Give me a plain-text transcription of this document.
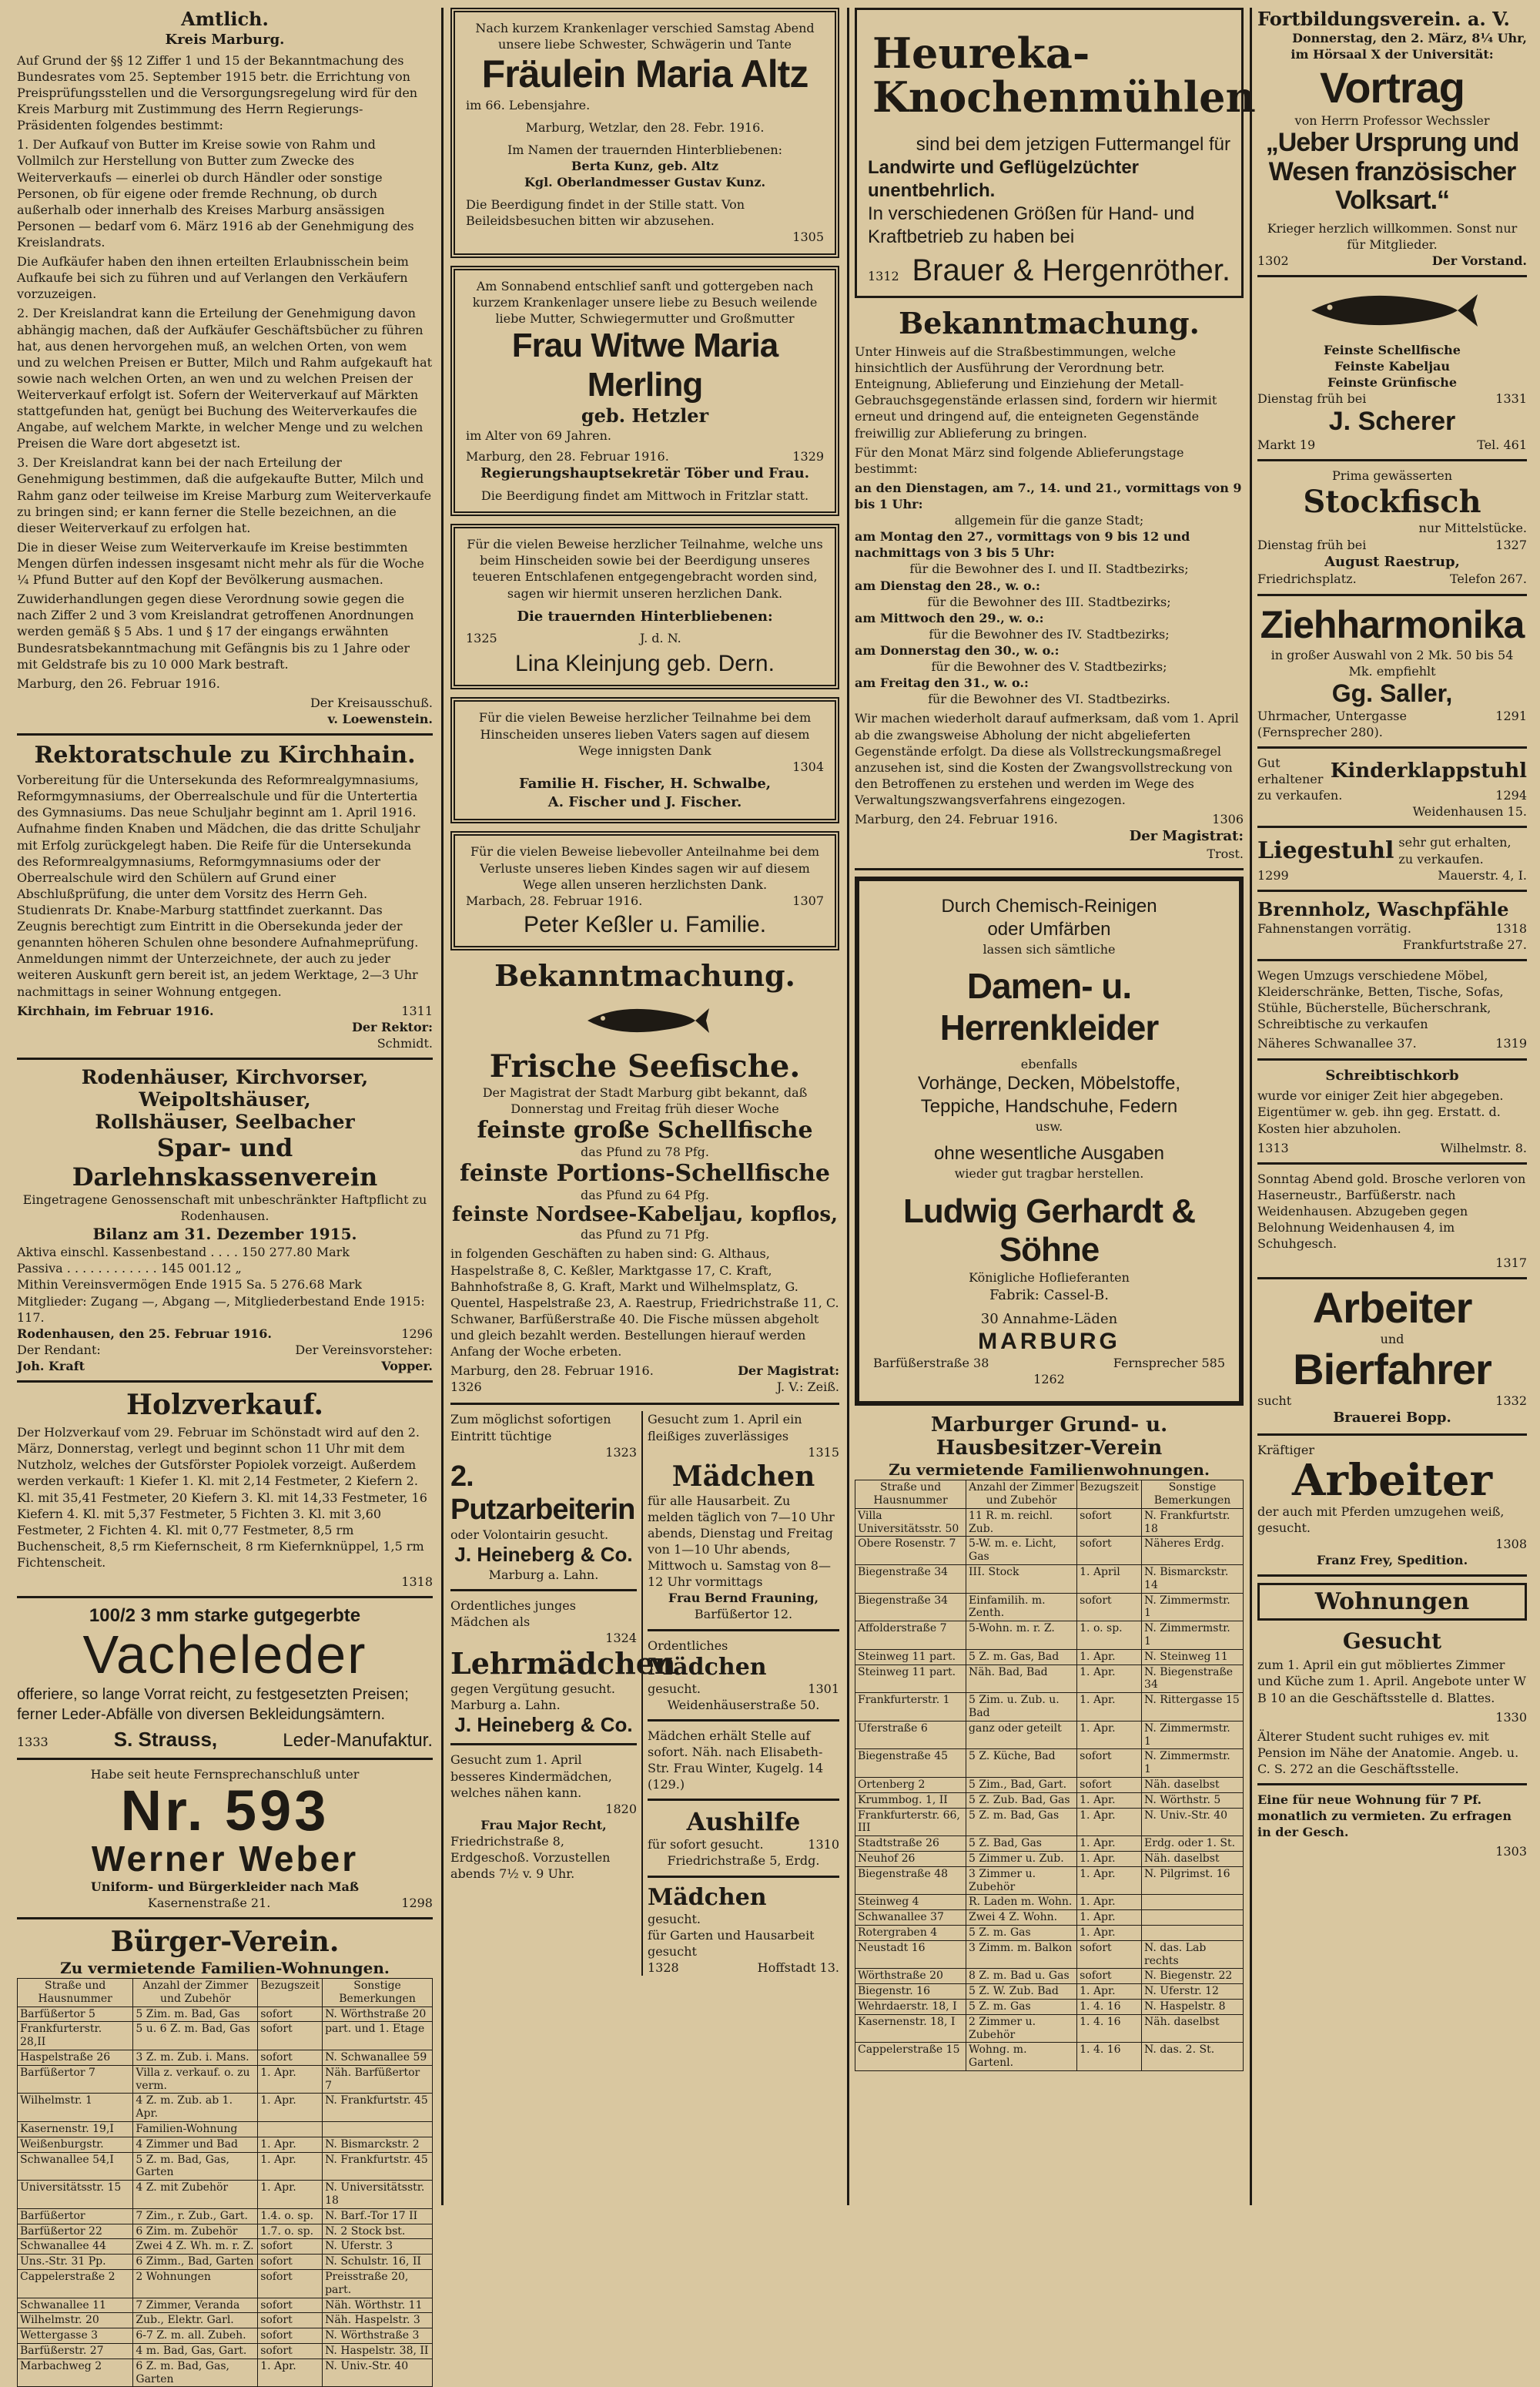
Amtlich.
Kreis Marburg.

Auf Grund der §§ 12 Ziffer 1 und 15 der Bekanntmachung des Bundesrates vom 25. September 1915 betr. die Errichtung von Preisprüfungsstellen und die Versorgungsregelung wird für den Kreis Marburg mit Zustimmung des Herrn Regierungs-Präsidenten folgendes bestimmt:

1. Der Aufkauf von Butter im Kreise sowie von Rahm und Vollmilch zur Herstellung von Butter zum Zwecke des Weiterverkaufs — einerlei ob durch Händler oder sonstige Personen, ob für eigene oder fremde Rechnung, ob durch außerhalb oder innerhalb des Kreises Marburg ansässigen Personen — bedarf vom 6. März 1916 ab der Genehmigung des Kreislandrats.

Die Aufkäufer haben den ihnen erteilten Erlaubnisschein beim Aufkaufe bei sich zu führen und auf Verlangen den Verkäufern vorzuzeigen.

2. Der Kreislandrat kann die Erteilung der Genehmigung davon abhängig machen, daß der Aufkäufer Geschäftsbücher zu führen hat, aus denen hervorgehen muß, an welchen Orten, von wem und zu welchen Preisen er Butter, Milch und Rahm aufgekauft hat sowie nach welchen Orten, an wen und zu welchen Preisen der Weiterverkauf erfolgt ist. Sofern der Weiterverkauf auf Märkten stattgefunden hat, genügt bei Buchung des Weiterverkaufes die Angabe, auf welchem Markte, in welcher Menge und zu welchen Preisen die Ware dort abgesetzt ist.

3. Der Kreislandrat kann bei der nach Erteilung der Genehmigung bestimmen, daß die aufgekaufte Butter, Milch und Rahm ganz oder teilweise im Kreise Marburg zum Weiterverkaufe zu bringen sind; er kann ferner die Stelle bezeichnen, an die dieser Weiterverkauf zu erfolgen hat.

Die in dieser Weise zum Weiterverkaufe im Kreise bestimmten Mengen dürfen indessen insgesamt nicht mehr als für die Woche ¼ Pfund Butter auf den Kopf der Bevölkerung ausmachen.

Zuwiderhandlungen gegen diese Verordnung sowie gegen die nach Ziffer 2 und 3 vom Kreislandrat getroffenen Anordnungen werden gemäß § 5 Abs. 1 und § 17 der eingangs erwähnten Bundesratsbekanntmachung mit Gefängnis bis zu 1 Jahre oder mit Geldstrafe bis zu 10 000 Mark bestraft.

Marburg, den 26. Februar 1916.

Der Kreisausschuß.
v. Loewenstein.
Rektoratschule zu Kirchhain.

Vorbereitung für die Untersekunda des Reformrealgymnasiums, Reformgymnasiums, der Oberrealschule und für die Untertertia des Gymnasiums. Das neue Schuljahr beginnt am 1. April 1916. Aufnahme finden Knaben und Mädchen, die das dritte Schuljahr mit Erfolg zurückgelegt haben. Die Reife für die Untersekunda des Reformrealgymnasiums, Reformgymnasiums oder der Oberrealschule wird den Schülern auf Grund einer Abschlußprüfung, die unter dem Vorsitz des Herrn Geh. Studienrats Dr. Knabe-Marburg stattfindet zuerkannt. Das Zeugnis berechtigt zum Eintritt in die Obersekunda jeder der genannten höheren Schulen ohne besondere Aufnahmeprüfung. Anmeldungen nimmt der Unterzeichnete, der auch zu jeder weiteren Auskunft gern bereit ist, an jedem Werktage, 2—3 Uhr nachmittags in seiner Wohnung entgegen.

Kirchhain, im Februar 1916.	1311
Der Rektor:
Schmidt.
Rodenhäuser, Kirchvorser, Weipoltshäuser,
Rollshäuser, Seelbacher
Spar- und Darlehnskassenverein
Eingetragene Genossenschaft mit unbeschränkter Haftpflicht zu Rodenhausen.
Bilanz am 31. Dezember 1915.
Aktiva einschl. Kassenbestand . . . . 150 277.80 Mark
Passiva . . . . . . . . . . . . 145 001.12 „
Mithin Vereinsvermögen Ende 1915 Sa. 5 276.68 Mark
Mitglieder: Zugang —, Abgang —, Mitgliederbestand Ende 1915: 117.
Rodenhausen, den 25. Februar 1916.	1296
Der Rendant:	Der Vereinsvorsteher:
Joh. Kraft	Vopper.
Holzverkauf.

Der Holzverkauf vom 29. Februar im Schönstadt wird auf den 2. März, Donnerstag, verlegt und beginnt schon 11 Uhr mit dem Nutzholz, welches der Gutsförster Popiolek vorzeigt. Außerdem werden verkauft: 1 Kiefer 1. Kl. mit 2,14 Festmeter, 2 Kiefern 2. Kl. mit 35,41 Festmeter, 20 Kiefern 3. Kl. mit 14,33 Festmeter, 16 Kiefern 4. Kl. mit 5,37 Festmeter, 5 Fichten 3. Kl. mit 3,60 Festmeter, 2 Fichten 4. Kl. mit 0,77 Festmeter, 8,5 rm Buchenscheit, 8,5 rm Kiefernscheit, 8 rm Kiefernknüppel, 1,5 rm Fichtenscheit.

1318
100/2 3 mm starke gutgegerbte
Vacheleder

offeriere, so lange Vorrat reicht, zu festgesetzten Preisen; ferner Leder-Abfälle von diversen Bekleidungsämtern.

1333	S. Strauss,	Leder-Manufaktur.
Habe seit heute Fernsprechanschluß unter
Nr. 593
Werner Weber
Uniform- und Bürgerkleider nach Maß
Kasernenstraße 21.	1298
Bürger-Verein.
Zu vermietende Familien-Wohnungen.
Straße und Hausnummer	Anzahl der Zimmer und Zubehör	Bezugszeit	Sonstige Bemerkungen
Barfüßertor 5	5 Zim. m. Bad, Gas	sofort	N. Wörthstraße 20
Frankfurterstr. 28,II	5 u. 6 Z. m. Bad, Gas	sofort	part. und 1. Etage
Haspelstraße 26	3 Z. m. Zub. i. Mans.	sofort	N. Schwanallee 59
Barfüßertor 7	Villa z. verkauf. o. zu verm.	1. Apr.	Näh. Barfüßertor 7
Wilhelmstr. 1	4 Z. m. Zub. ab 1. Apr.	1. Apr.	N. Frankfurtstr. 45
Kasernenstr. 19,I	Familien-Wohnung		
Weißenburgstr.	4 Zimmer und Bad	1. Apr.	N. Bismarckstr. 2
Schwanallee 54,I	5 Z. m. Bad, Gas, Garten	1. Apr.	N. Frankfurtstr. 45
Universitätsstr. 15	4 Z. mit Zubehör	1. Apr.	N. Universitätsstr. 18
Barfüßertor	7 Zim., r. Zub., Gart.	1.4. o. sp.	N. Barf.-Tor 17 II
Barfüßertor 22	6 Zim. m. Zubehör	1.7. o. sp.	N. 2 Stock bst.
Schwanallee 44	Zwei 4 Z. Wh. m. r. Z.	sofort	N. Uferstr. 3
Uns.-Str. 31 Pp.	6 Zimm., Bad, Garten	sofort	N. Schulstr. 16, II
Cappelerstraße 2	2 Wohnungen	sofort	Preisstraße 20, part.
Schwanallee 11	7 Zimmer, Veranda	sofort	Näh. Wörthstr. 11
Wilhelmstr. 20	Zub., Elektr. Garl.	sofort	Näh. Haspelstr. 3
Wettergasse 3	6-7 Z. m. all. Zubeh.	sofort	N. Wörthstraße 3
Barfüßerstr. 27	4 m. Bad, Gas, Gart.	sofort	N. Haspelstr. 38, II
Marbachweg 2	6 Z. m. Bad, Gas, Garten	1. Apr.	N. Univ.-Str. 40
Nach kurzem Krankenlager verschied Samstag Abend unsere liebe Schwester, Schwägerin und Tante
Fräulein Maria Altz
im 66. Lebensjahre.
Marburg, Wetzlar, den 28. Febr. 1916.
Im Namen der trauernden Hinterbliebenen:
Berta Kunz, geb. Altz
Kgl. Oberlandmesser Gustav Kunz.
Die Beerdigung findet in der Stille statt. Von Beileidsbesuchen bitten wir abzusehen.
1305
Am Sonnabend entschlief sanft und gottergeben nach kurzem Krankenlager unsere liebe zu Besuch weilende liebe Mutter, Schwiegermutter und Großmutter
Frau Witwe Maria Merling
geb. Hetzler
im Alter von 69 Jahren.
Marburg, den 28. Februar 1916.	1329
Regierungshauptsekretär Töber und Frau.
Die Beerdigung findet am Mittwoch in Fritzlar statt.
Für die vielen Beweise herzlicher Teilnahme, welche uns beim Hinscheiden sowie bei der Beerdigung unseres teueren Entschlafenen entgegengebracht worden sind, sagen wir hiermit unseren herzlichen Dank.
Die trauernden Hinterbliebenen:
1325	J. d. N.
Lina Kleinjung geb. Dern.
Für die vielen Beweise herzlicher Teilnahme bei dem Hinscheiden unseres lieben Vaters sagen auf diesem Wege innigsten Dank
1304
Familie H. Fischer, H. Schwalbe,
A. Fischer und J. Fischer.
Für die vielen Beweise liebevoller Anteilnahme bei dem Verluste unseres lieben Kindes sagen wir auf diesem Wege allen unseren herzlichsten Dank.
Marbach, 28. Februar 1916.	1307
Peter Keßler u. Familie.
Bekanntmachung.
Frische Seefische.
Der Magistrat der Stadt Marburg gibt bekannt, daß Donnerstag und Freitag früh dieser Woche
feinste große Schellfische
das Pfund zu 78 Pfg.
feinste Portions-Schellfische
das Pfund zu 64 Pfg.
feinste Nordsee-Kabeljau, kopflos,
das Pfund zu 71 Pfg.

in folgenden Geschäften zu haben sind: G. Althaus, Haspelstraße 8, C. Keßler, Marktgasse 17, C. Kraft, Bahnhofstraße 8, G. Kraft, Markt und Wilhelmsplatz, G. Quentel, Haspelstraße 23, A. Raestrup, Friedrichstraße 11, C. Schwaner, Barfüßerstraße 40. Die Fische müssen abgeholt und gleich bezahlt werden. Bestellungen hierauf werden Anfang der Woche erbeten.

Marburg, den 28. Februar 1916.	Der Magistrat:
1326	J. V.: Zeiß.
Zum möglichst sofortigen Eintritt tüchtige
1323
2. Putzarbeiterin
oder Volontairin gesucht.
J. Heineberg & Co.
Marburg a. Lahn.
Ordentliches junges Mädchen als
1324
Lehrmädchen
gegen Vergütung gesucht. Marburg a. Lahn.
J. Heineberg & Co.
Gesucht zum 1. April besseres Kindermädchen, welches nähen kann.
1820
Frau Major Recht,
Friedrichstraße 8, Erdgeschoß. Vorzustellen abends 7½ v. 9 Uhr.
Gesucht zum 1. April ein fleißiges zuverlässiges
1315
Mädchen
für alle Hausarbeit. Zu melden täglich von 7—10 Uhr abends, Dienstag und Freitag von 1—10 Uhr abends, Mittwoch u. Samstag von 8—12 Uhr vormittags
Frau Bernd Frauning,
Barfüßertor 12.
Ordentliches
Mädchen
gesucht.	1301
Weidenhäuserstraße 50.
Mädchen erhält Stelle auf sofort. Näh. nach Elisabeth-Str. Frau Winter, Kugelg. 14 (129.)
Aushilfe
für sofort gesucht.	1310
Friedrichstraße 5, Erdg.
Mädchen
gesucht.
für Garten und Hausarbeit gesucht
1328	Hoffstadt 13.
Heureka-Knochenmühlen
sind bei dem jetzigen Futtermangel für
Landwirte und Geflügelzüchter unentbehrlich.
In verschiedenen Größen für Hand- und Kraftbetrieb zu haben bei
1312 Brauer & Hergenröther.
Bekanntmachung.

Unter Hinweis auf die Straßbestimmungen, welche hinsichtlich der Ausführung der Verordnung betr. Enteignung, Ablieferung und Einziehung der Metall-Gebrauchsgegenstände erlassen sind, fordern wir hiermit erneut und dringend auf, die enteigneten Gegenstände freiwillig zur Ablieferung zu bringen.

Für den Monat März sind folgende Ablieferungstage bestimmt:

an den Dienstagen, am 7., 14. und 21., vormittags von 9 bis 1 Uhr:
allgemein für die ganze Stadt;
am Montag den 27., vormittags von 9 bis 12 und nachmittags von 3 bis 5 Uhr:
für die Bewohner des I. und II. Stadtbezirks;
am Dienstag den 28., w. o.:
für die Bewohner des III. Stadtbezirks;
am Mittwoch den 29., w. o.:
für die Bewohner des IV. Stadtbezirks;
am Donnerstag den 30., w. o.:
für die Bewohner des V. Stadtbezirks;
am Freitag den 31., w. o.:
für die Bewohner des VI. Stadtbezirks.

Wir machen wiederholt darauf aufmerksam, daß vom 1. April ab die zwangsweise Abholung der nicht abgelieferten Gegenstände erfolgt. Da diese als Vollstreckungsmaßregel anzusehen ist, sind die Kosten der Zwangsvollstreckung von den Betroffenen zu erstehen und werden im Wege des Verwaltungszwangsverfahrens eingezogen.

Marburg, den 24. Februar 1916.	1306
Der Magistrat:
Trost.
Durch Chemisch-Reinigen
oder Umfärben
lassen sich sämtliche
Damen- u. Herrenkleider
ebenfalls
Vorhänge, Decken, Möbelstoffe,
Teppiche, Handschuhe, Federn
usw.
ohne wesentliche Ausgaben
wieder gut tragbar herstellen.
Ludwig Gerhardt & Söhne
Königliche Hoflieferanten
Fabrik: Cassel-B.
30 Annahme-Läden
MARBURG
Barfüßerstraße 38	Fernsprecher 585
1262
Marburger Grund- u. Hausbesitzer-Verein
Zu vermietende Familienwohnungen.
Straße und Hausnummer	Anzahl der Zimmer und Zubehör	Bezugszeit	Sonstige Bemerkungen
Villa Universitätsstr. 50	11 R. m. reichl. Zub.	sofort	N. Frankfurtstr. 18
Obere Rosenstr. 7	5-W. m. e. Licht, Gas	sofort	Näheres Erdg.
Biegenstraße 34	III. Stock	1. April	N. Bismarckstr. 14
Biegenstraße 34	Einfamilih. m. Zenth.	sofort	N. Zimmermstr. 1
Affolderstraße 7	5-Wohn. m. r. Z.	1. o. sp.	N. Zimmermstr. 1
Steinweg 11 part.	5 Z. m. Gas, Bad	1. Apr.	N. Steinweg 11
Steinweg 11 part.	Näh. Bad, Bad	1. Apr.	N. Biegenstraße 34
Frankfurterstr. 1	5 Zim. u. Zub. u. Bad	1. Apr.	N. Rittergasse 15
Uferstraße 6	ganz oder geteilt	1. Apr.	N. Zimmermstr. 1
Biegenstraße 45	5 Z. Küche, Bad	sofort	N. Zimmermstr. 1
Ortenberg 2	5 Zim., Bad, Gart.	sofort	Näh. daselbst
Krummbog. 1, II	5 Z. Zub. Bad, Gas	1. Apr.	N. Wörthstr. 5
Frankfurterstr. 66, III	5 Z. m. Bad, Gas	1. Apr.	N. Univ.-Str. 40
Stadtstraße 26	5 Z. Bad, Gas	1. Apr.	Erdg. oder 1. St.
Neuhof 26	5 Zimmer u. Zub.	1. Apr.	Näh. daselbst
Biegenstraße 48	3 Zimmer u. Zubehör	1. Apr.	N. Pilgrimst. 16
Steinweg 4	R. Laden m. Wohn.	1. Apr.	
Schwanallee 37	Zwei 4 Z. Wohn.	1. Apr.	
Rotergraben 4	5 Z. m. Gas	1. Apr.	
Neustadt 16	3 Zimm. m. Balkon	sofort	N. das. Lab rechts
Wörthstraße 20	8 Z. m. Bad u. Gas	sofort	N. Biegenstr. 22
Biegenstr. 16	5 Z. W. Zub. Bad	1. Apr.	N. Uferstr. 12
Wehrdaerstr. 18, I	5 Z. m. Gas	1. 4. 16	N. Haspelstr. 8
Kasernenstr. 18, I	2 Zimmer u. Zubehör	1. 4. 16	Näh. daselbst
Cappelerstraße 15	Wohng. m. Gartenl.	1. 4. 16	N. das. 2. St.
Fortbildungsverein. a. V.
Donnerstag, den 2. März, 8¼ Uhr,
im Hörsaal X der Universität:
Vortrag
von Herrn Professor Wechssler
„Ueber Ursprung und Wesen französischer Volksart.“
Krieger herzlich willkommen. Sonst nur für Mitglieder.
1302	Der Vorstand.
Feinste Schellfische
Feinste Kabeljau
Feinste Grünfische
Dienstag früh bei	1331
J. Scherer
Markt 19	Tel. 461
Prima gewässerten
Stockfisch
nur Mittelstücke.
Dienstag früh bei	1327
August Raestrup,
Friedrichsplatz.	Telefon 267.
Ziehharmonika
in großer Auswahl von 2 Mk. 50 bis 54 Mk. empfiehlt
Gg. Saller,
Uhrmacher, Untergasse (Fernsprecher 280).
1291
Gut erhaltener Kinderklappstuhl
zu verkaufen.	1294
Weidenhausen 15.
Liegestuhl sehr gut erhalten, zu verkaufen.
1299	Mauerstr. 4, I.
Brennholz, Waschpfähle
Fahnenstangen vorrätig.	1318
Frankfurtstraße 27.

Wegen Umzugs verschiedene Möbel, Kleiderschränke, Betten, Tische, Sofas, Stühle, Bücherstelle, Bücherschrank, Schreibtische zu verkaufen

Näheres Schwanallee 37.	1319
Schreibtischkorb

wurde vor einiger Zeit hier abgegeben. Eigentümer w. geb. ihn geg. Erstatt. d. Kosten hier abzuholen.

1313	Wilhelmstr. 8.

Sonntag Abend gold. Brosche verloren von Haserneustr., Barfüßerstr. nach Weidenhausen. Abzugeben gegen Belohnung Weidenhausen 4, im Schuhgesch.

1317
Arbeiter
und
Bierfahrer
sucht	1332
Brauerei Bopp.
Kräftiger
Arbeiter
der auch mit Pferden umzugehen weiß, gesucht.
1308
Franz Frey, Spedition.
Wohnungen
Gesucht

zum 1. April ein gut möbliertes Zimmer und Küche zum 1. April. Angebote unter W B 10 an die Geschäftsstelle d. Blattes.

1330

Älterer Student sucht ruhiges ev. mit Pension im Nähe der Anatomie. Angeb. u. C. S. 272 an die Geschäftsstelle.

Eine für neue Wohnung für 7 Pf. monatlich zu vermieten. Zu erfragen in der Gesch.

1303
